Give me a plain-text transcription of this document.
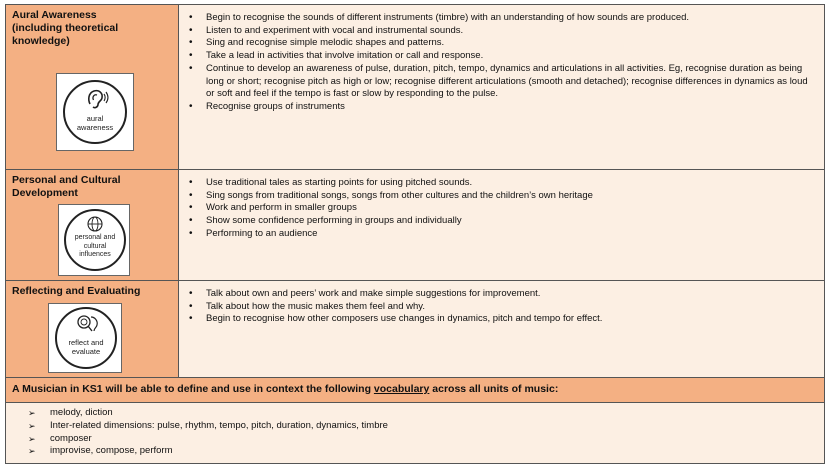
Aural Awareness
(including theoretical
knowledge)
aural
awareness
• Begin to recognise the sounds of different instruments (timbre) with an understanding of how sounds are produced.
• Listen to and experiment with vocal and instrumental sounds.
• Sing and recognise simple melodic shapes and patterns.
• Take a lead in activities that involve imitation or call and response.
• Continue to develop an awareness of pulse, duration, pitch, tempo, dynamics and articulations in all activities. Eg, recognise duration as being long or short; recognise pitch as high or low; recognise different articulations (smooth and detached); recognise differences in dynamics as loud or soft and feel if the tempo is fast or slow by responding to the pulse.
• Recognise groups of instruments
Personal and Cultural
Development
personal and
cultural
influences
• Use traditional tales as starting points for using pitched sounds.
• Sing songs from traditional songs, songs from other cultures and the children’s own heritage
• Work and perform in smaller groups
• Show some confidence performing in groups and individually
• Performing to an audience
Reflecting and Evaluating
reflect and
evaluate
• Talk about own and peers’ work and make simple suggestions for improvement.
• Talk about how the music makes them feel and why.
• Begin to recognise how other composers use changes in dynamics, pitch and tempo for effect.
A Musician in KS1 will be able to define and use in context the following vocabulary across all units of music:
➢ melody, diction
➢ Inter-related dimensions: pulse, rhythm, tempo, pitch, duration, dynamics, timbre
➢ composer
➢ improvise, compose, perform
